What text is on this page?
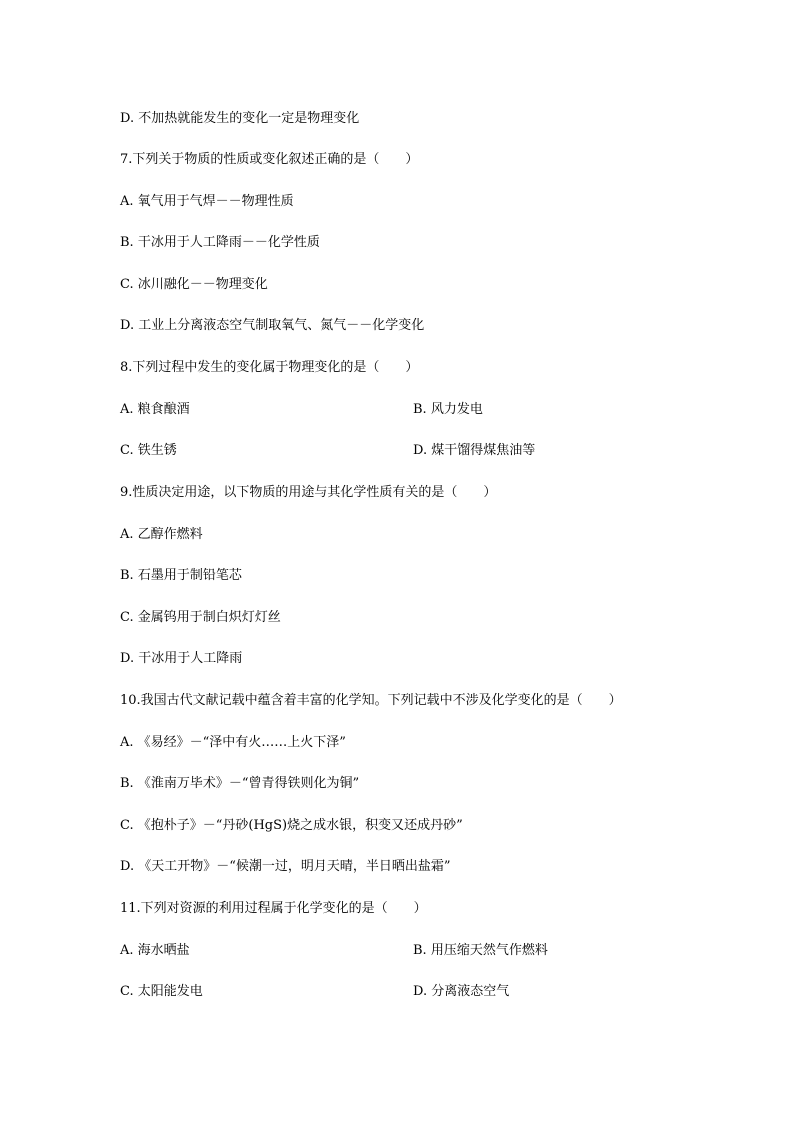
D. 不加热就能发生的变化一定是物理变化
7.下列关于物质的性质或变化叙述正确的是（　　）
A. 氧气用于气焊－－物理性质
B. 干冰用于人工降雨－－化学性质
C. 冰川融化－－物理变化
D. 工业上分离液态空气制取氧气、氮气－－化学变化
8.下列过程中发生的变化属于物理变化的是（　　）
A. 粮食酿酒	B. 风力发电
C. 铁生锈	D. 煤干馏得煤焦油等
9.性质决定用途，以下物质的用途与其化学性质有关的是（　　）
A. 乙醇作燃料
B. 石墨用于制铅笔芯
C. 金属钨用于制白炽灯灯丝
D. 干冰用于人工降雨
10.我国古代文献记载中蕴含着丰富的化学知。下列记载中不涉及化学变化的是（　　）
A. 《易经》－“泽中有火……上火下泽”
B. 《淮南万毕术》－“曾青得铁则化为铜”
C. 《抱朴子》－“丹砂(HgS)烧之成水银，积变又还成丹砂”
D. 《天工开物》－“候潮一过，明月天晴，半日晒出盐霜”
11.下列对资源的利用过程属于化学变化的是（　　）
A. 海水晒盐	B. 用压缩天然气作燃料
C. 太阳能发电	D. 分离液态空气
